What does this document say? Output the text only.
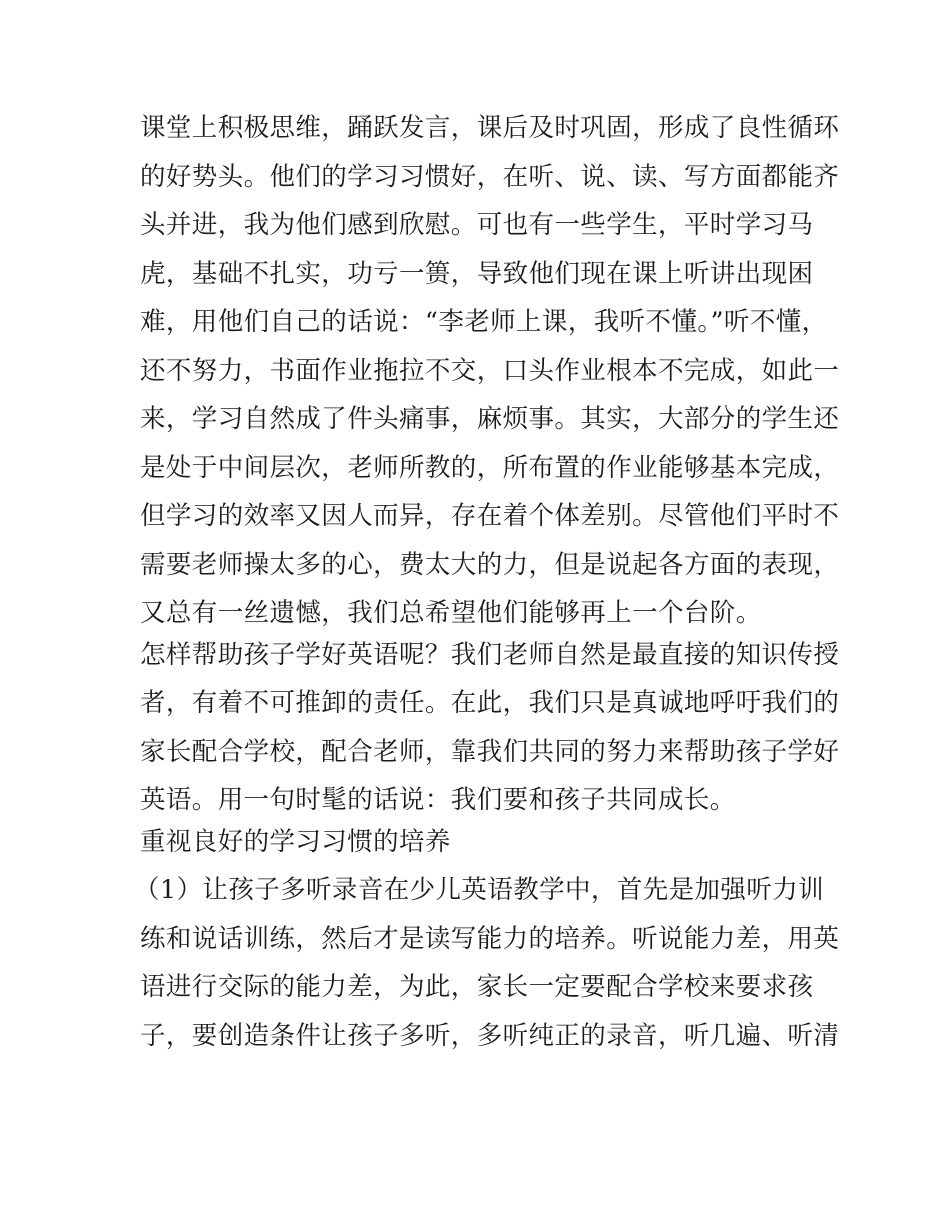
课堂上积极思维，踊跃发言，课后及时巩固，形成了良性循环
的好势头。他们的学习习惯好，在听、说、读、写方面都能齐
头并进，我为他们感到欣慰。可也有一些学生，平时学习马
虎，基础不扎实，功亏一篑，导致他们现在课上听讲出现困
难，用他们自己的话说：“李老师上课，我听不懂。”听不懂，
还不努力，书面作业拖拉不交，口头作业根本不完成，如此一
来，学习自然成了件头痛事，麻烦事。其实，大部分的学生还
是处于中间层次，老师所教的，所布置的作业能够基本完成，
但学习的效率又因人而异，存在着个体差别。尽管他们平时不
需要老师操太多的心，费太大的力，但是说起各方面的表现，
又总有一丝遗憾，我们总希望他们能够再上一个台阶。
怎样帮助孩子学好英语呢？我们老师自然是最直接的知识传授
者，有着不可推卸的责任。在此，我们只是真诚地呼吁我们的
家长配合学校，配合老师，靠我们共同的努力来帮助孩子学好
英语。用一句时髦的话说：我们要和孩子共同成长。
重视良好的学习习惯的培养
（1）让孩子多听录音在少儿英语教学中，首先是加强听力训
练和说话训练，然后才是读写能力的培养。听说能力差，用英
语进行交际的能力差，为此，家长一定要配合学校来要求孩
子，要创造条件让孩子多听，多听纯正的录音，听几遍、听清
